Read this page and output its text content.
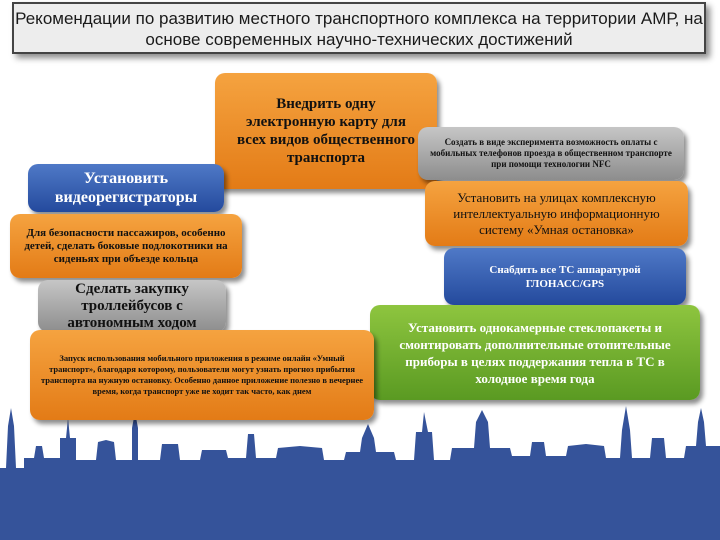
Рекомендации по развитию местного транспортного комплекса на территории АМР, на основе современных научно-технических достижений
Внедрить одну электронную карту для всех видов общественного транспорта
Создать в виде эксперимента возможность оплаты с мобильных телефонов проезда в общественном транспорте при помощи технологии NFC
Установить видеорегистраторы	Установить на улицах комплексную интеллектуальную информационную систему «Умная остановка»
Для безопасности пассажиров, особенно детей, сделать боковые подлокотники на сиденьях при объезде кольца
Снабдить все ТС аппаратурой ГЛОНАСС/GPS
Сделать закупку троллейбусов с автономным ходом	Установить однокамерные стеклопакеты и смонтировать дополнительные отопительные приборы в целях поддержания тепла в ТС в холодное время года
Запуск использования мобильного приложения в режиме онлайн «Умный транспорт», благодаря которому, пользователи могут узнать прогноз прибытия транспорта на нужную остановку. Особенно данное приложение полезно в вечернее время, когда транспорт уже не ходит так часто, как днем
